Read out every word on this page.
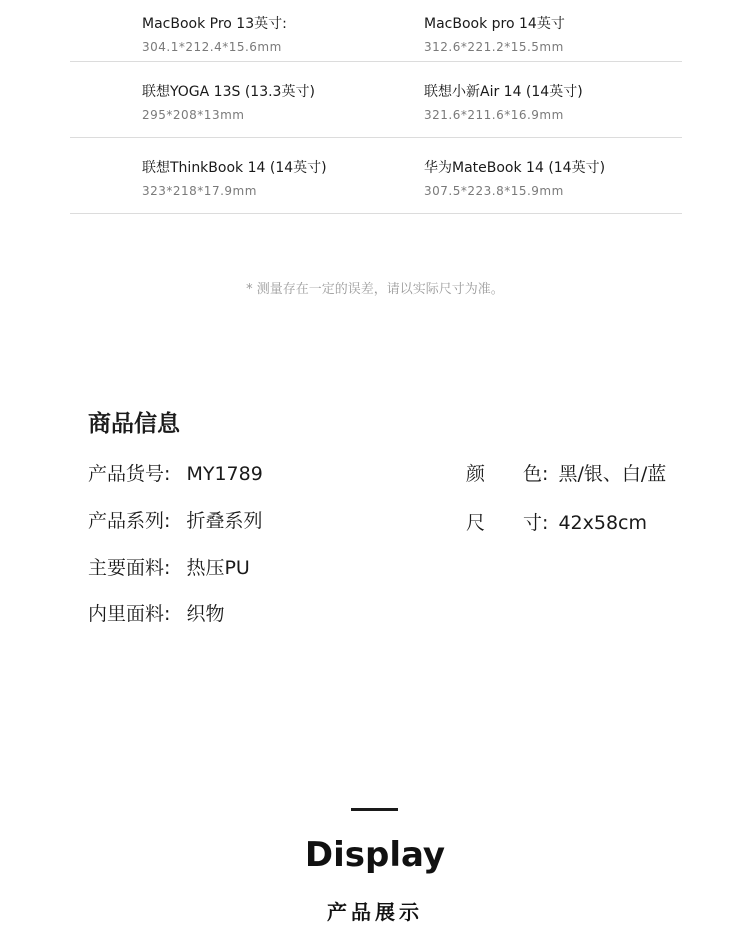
MacBook Pro 13英寸:
304.1*212.4*15.6mm
MacBook pro 14英寸
312.6*221.2*15.5mm
联想YOGA 13S (13.3英寸)
295*208*13mm
联想小新Air 14 (14英寸)
321.6*211.6*16.9mm
联想ThinkBook 14 (14英寸)
323*218*17.9mm
华为MateBook 14 (14英寸)
307.5*223.8*15.9mm
* 测量存在一定的误差，请以实际尺寸为准。
商品信息
产品货号: MY1789
产品系列: 折叠系列
主要面料: 热压PU
内里面料: 织物
颜　　色: 黑/银、白/蓝
尺　　寸: 42x58cm
Display
产品展示
